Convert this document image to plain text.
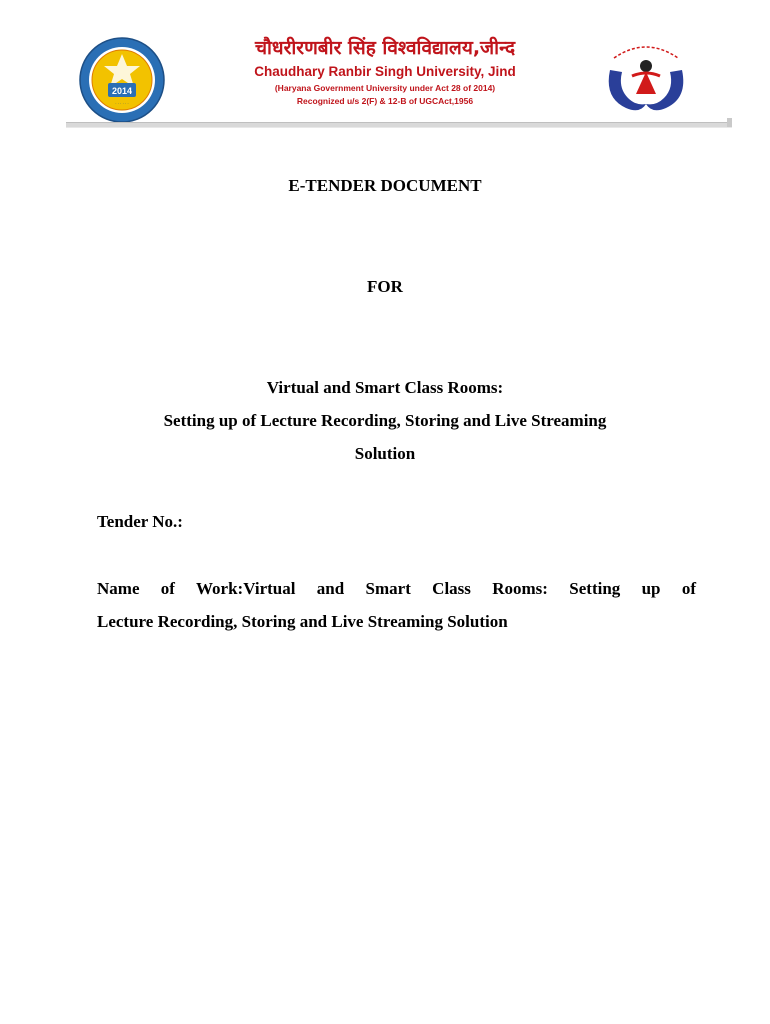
2014
· · · · · ·
चौधरीरणबीर सिंह विश्वविद्यालय,जीन्द
Chaudhary Ranbir Singh University, Jind
(Haryana Government University under Act 28 of 2014)
Recognized u/s 2(F) & 12-B of UGCAct,1956
E-TENDER DOCUMENT
FOR
Virtual and Smart Class Rooms:
Setting up of Lecture Recording, Storing and Live Streaming
Solution
Tender No.:
Name of Work:Virtual and Smart Class Rooms: Setting up of
Lecture Recording, Storing and Live Streaming Solution
